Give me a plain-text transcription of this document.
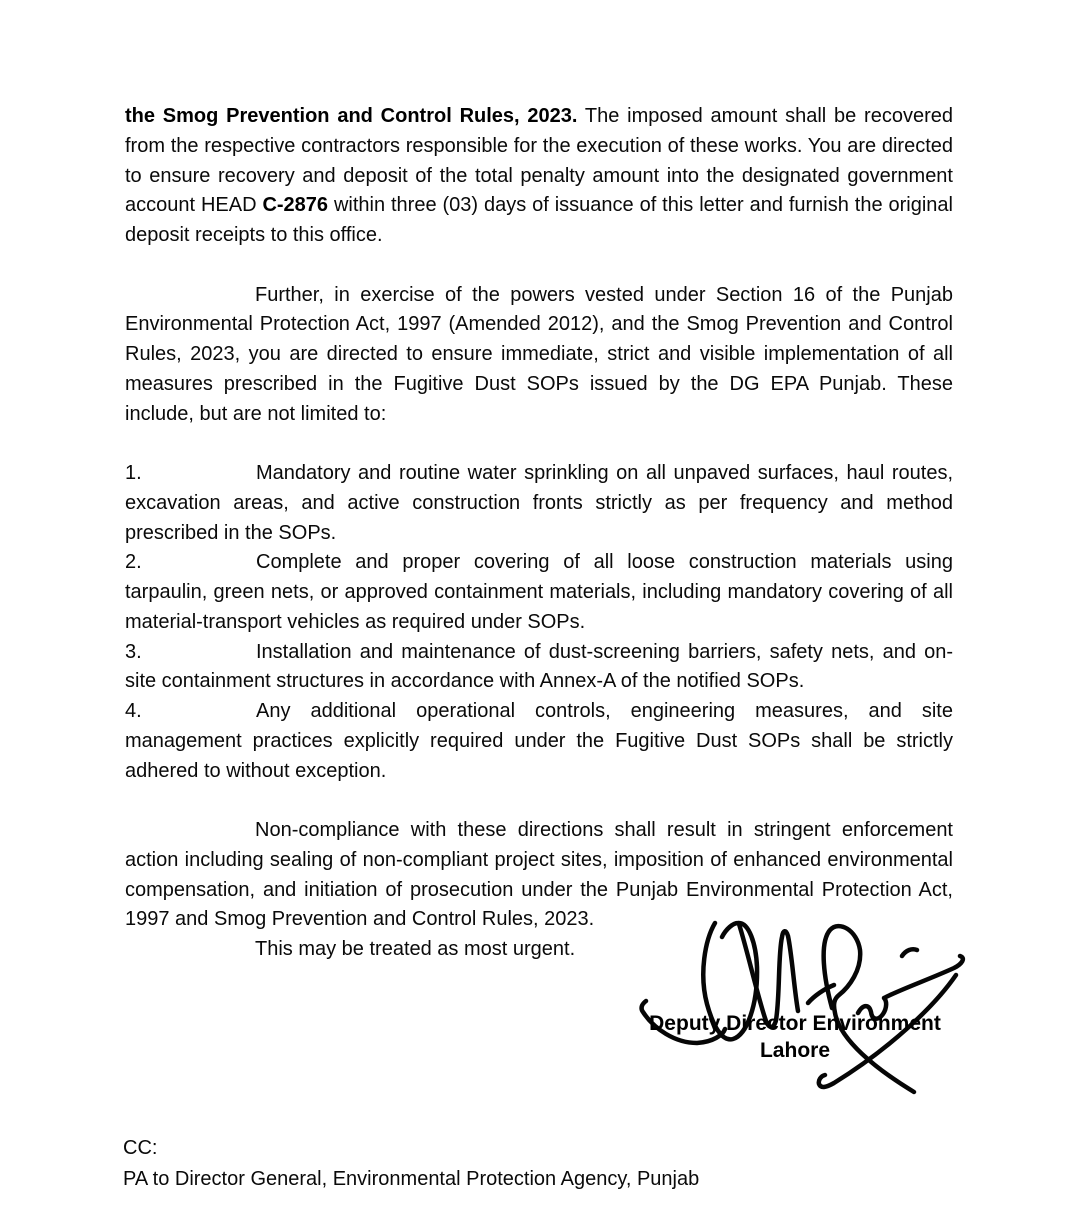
the Smog Prevention and Control Rules, 2023. The imposed amount shall be recovered from the respective contractors responsible for the execution of these works. You are directed to ensure recovery and deposit of the total penalty amount into the designated government account HEAD C-2876 within three (03) days of issuance of this letter and furnish the original deposit receipts to this office.

Further, in exercise of the powers vested under Section 16 of the Punjab Environmental Protection Act, 1997 (Amended 2012), and the Smog Prevention and Control Rules, 2023, you are directed to ensure immediate, strict and visible implementation of all measures prescribed in the Fugitive Dust SOPs issued by the DG EPA Punjab. These include, but are not limited to:

1.	Mandatory and routine water sprinkling on all unpaved surfaces, haul routes, excavation areas, and active construction fronts strictly as per frequency and method prescribed in the SOPs.

2.	Complete and proper covering of all loose construction materials using tarpaulin, green nets, or approved containment materials, including mandatory covering of all material-transport vehicles as required under SOPs.

3.	Installation and maintenance of dust-screening barriers, safety nets, and on-site containment structures in accordance with Annex-A of the notified SOPs.

4.	Any additional operational controls, engineering measures, and site management practices explicitly required under the Fugitive Dust SOPs shall be strictly adhered to without exception.

Non-compliance with these directions shall result in stringent enforcement action including sealing of non-compliant project sites, imposition of enhanced environmental compensation, and initiation of prosecution under the Punjab Environmental Protection Act, 1997 and Smog Prevention and Control Rules, 2023.

This may be treated as most urgent.

Deputy Director Environment
Lahore
CC:
PA to Director General, Environmental Protection Agency, Punjab
